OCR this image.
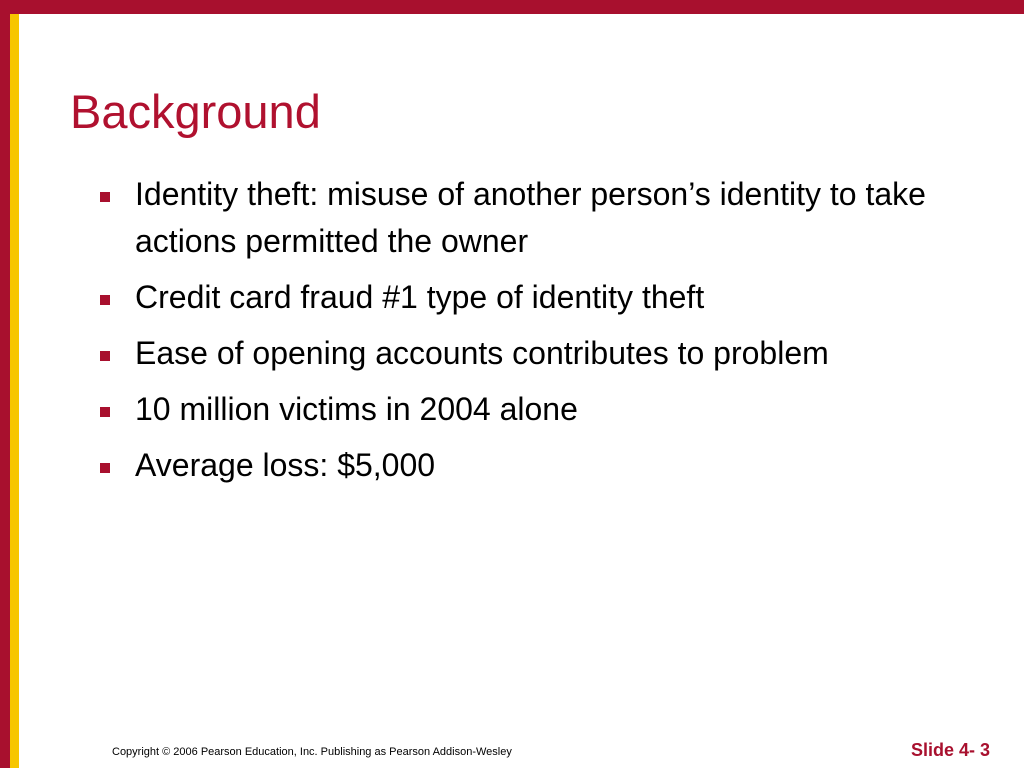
Background
Identity theft: misuse of another person’s identity to take actions permitted the owner
Credit card fraud #1 type of identity theft
Ease of opening accounts contributes to problem
10 million victims in 2004 alone
Average loss: $5,000
Copyright © 2006 Pearson Education, Inc. Publishing as Pearson Addison-Wesley	Slide 4- 3
